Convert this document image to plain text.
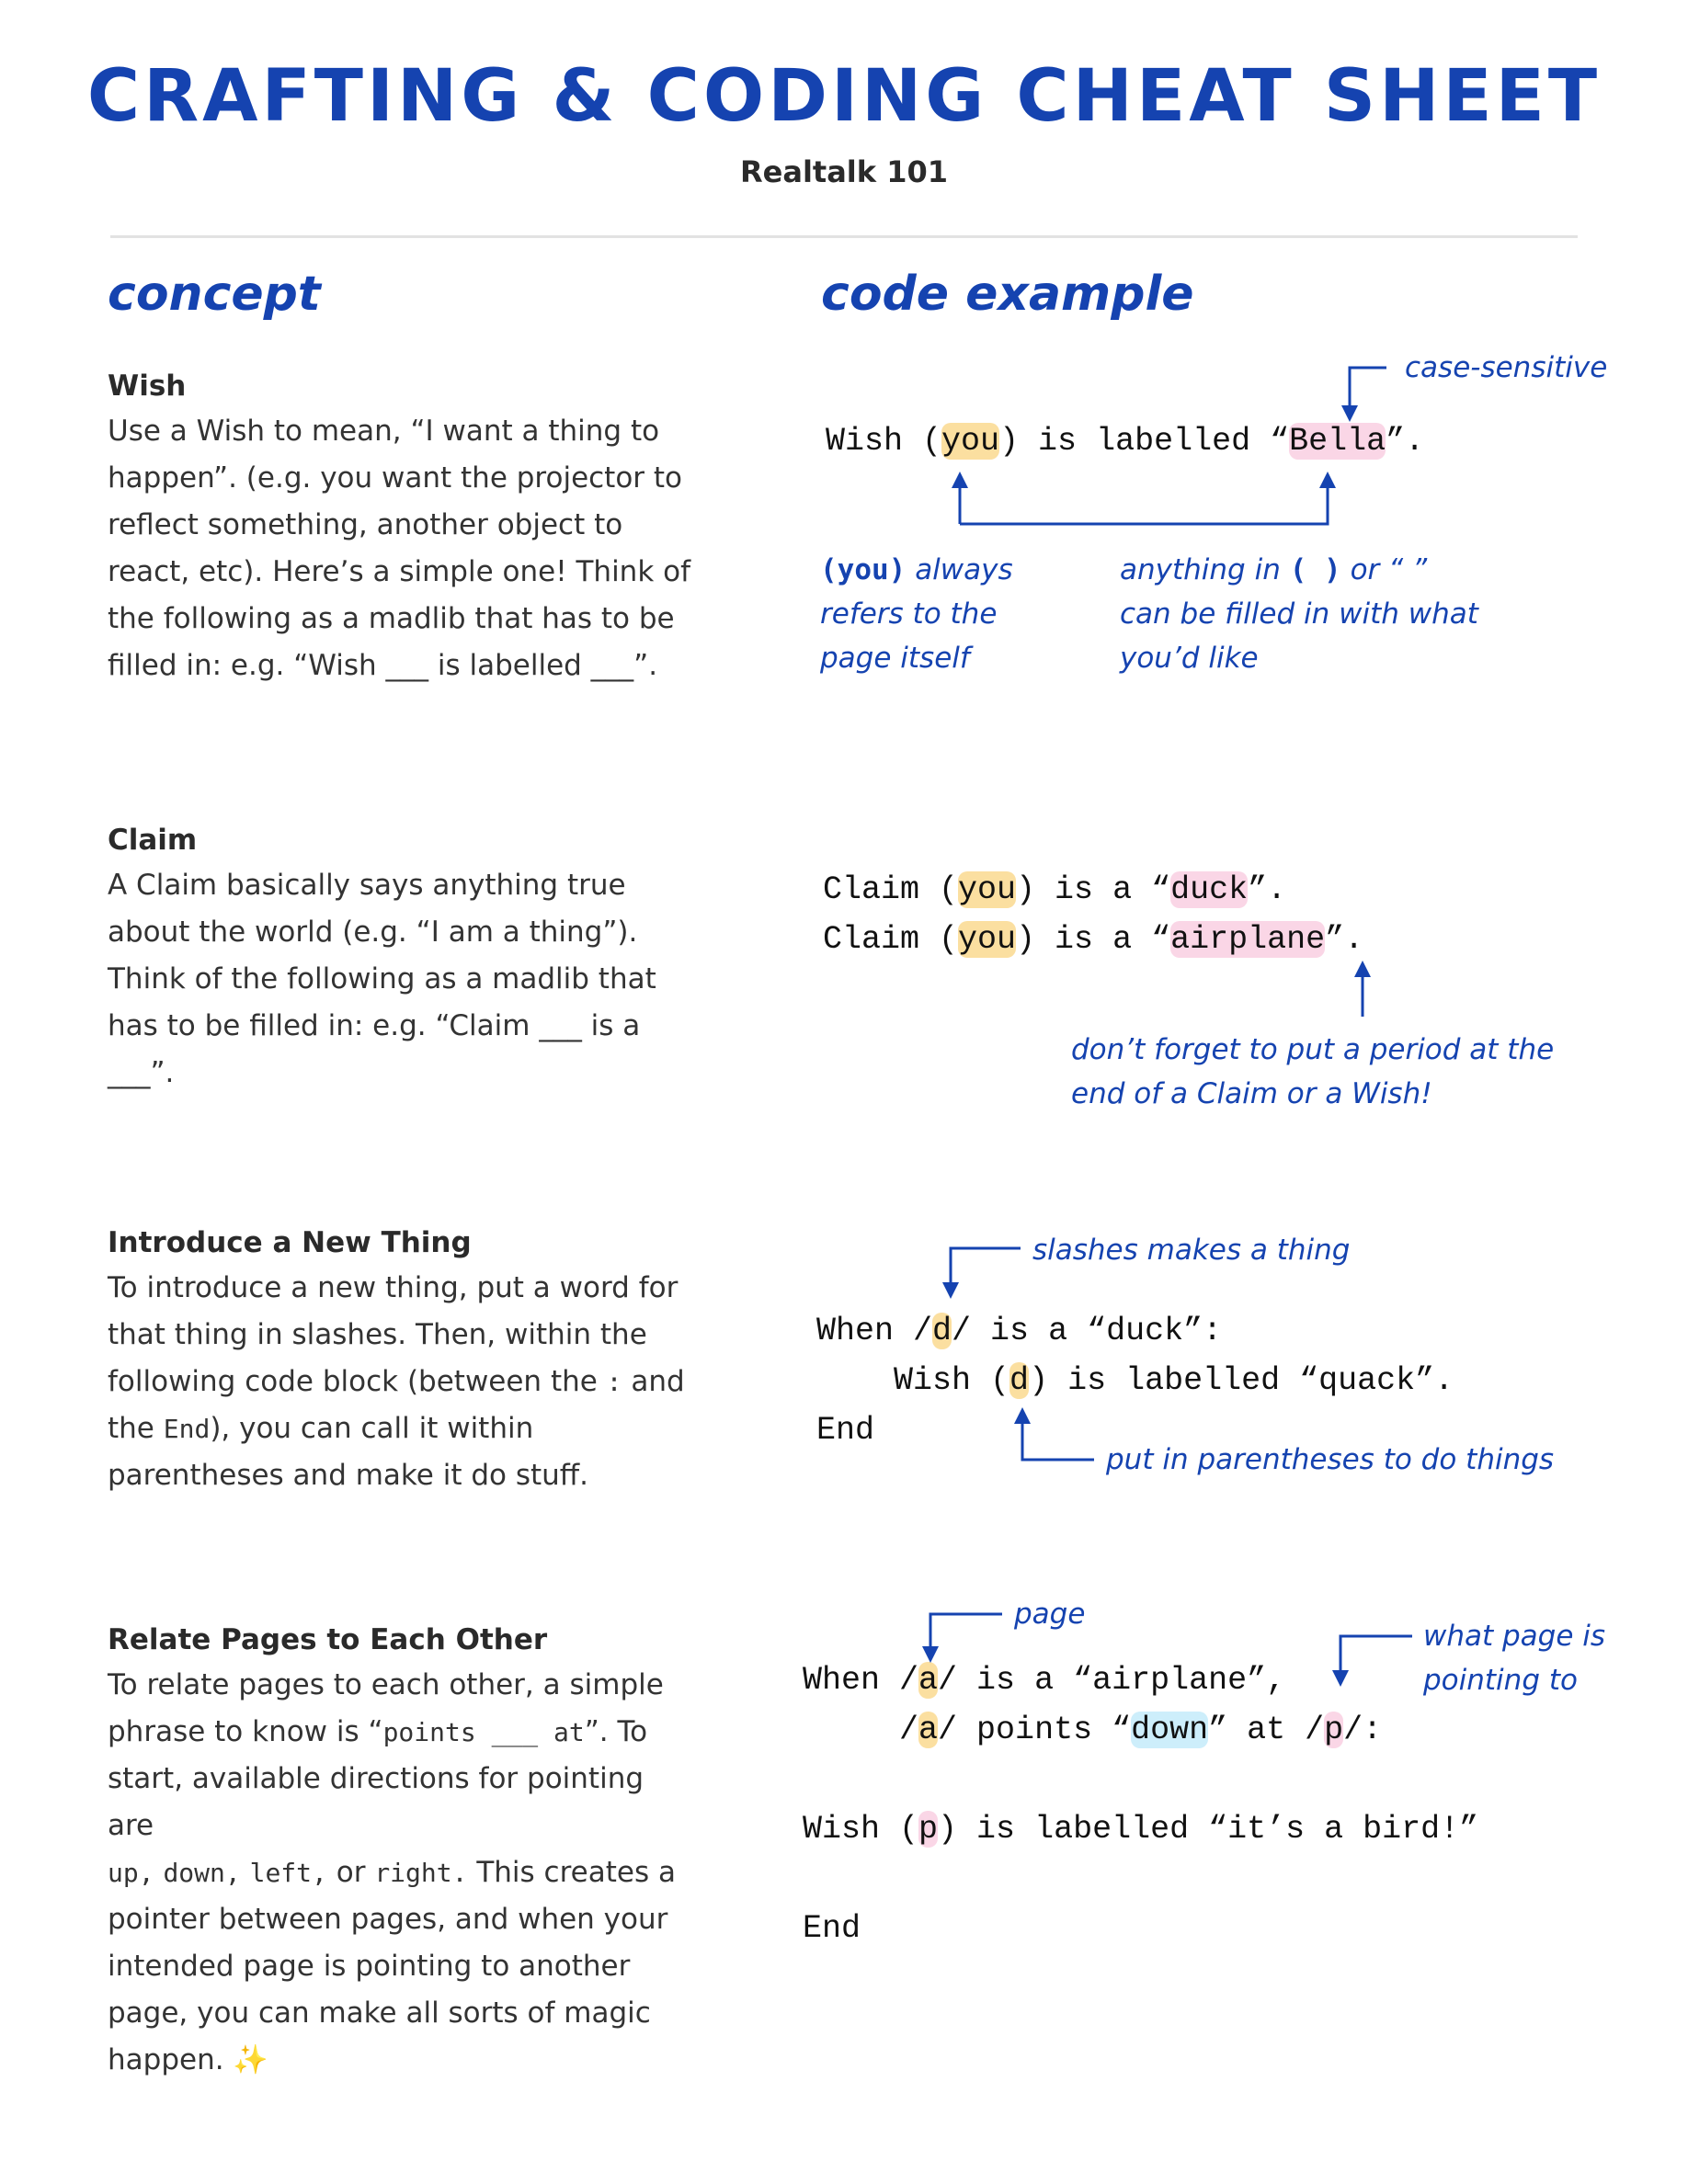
CRAFTING & CODING CHEAT SHEET
Realtalk 101
concept	code example
Wish
Use a Wish to mean, “I want a thing to happen”. (e.g. you want the projector to reflect something, another object to react, etc). Here’s a simple one! Think of the following as a madlib that has to be filled in: e.g. “Wish ___ is labelled ___”.
Wish (you) is labelled “Bella”.
case-sensitive
(you) always
refers to the
page itself
anything in ( ) or “ ”
can be filled in with what
you’d like
Claim
A Claim basically says anything true about the world (e.g. “I am a thing”). Think of the following as a madlib that has to be filled in: e.g. “Claim ___ is a ___”.
Claim (you) is a “duck”.
Claim (you) is a “airplane”.
don’t forget to put a period at the
end of a Claim or a Wish!
Introduce a New Thing
To introduce a new thing, put a word for that thing in slashes. Then, within the following code block (between the : and the End), you can call it within parentheses and make it do stuff.
When /d/ is a “duck”:
Wish (d) is labelled “quack”.
End
slashes makes a thing
put in parentheses to do things
Relate Pages to Each Other
To relate pages to each other, a simple phrase to know is “points ___ at”. To start, available directions for pointing are
up, down, left, or right. This creates a pointer between pages, and when your intended page is pointing to another page, you can make all sorts of magic happen. ✨
When /a/ is a “airplane”,
/a/ points “down” at /p/:
Wish (p) is labelled “it’s a bird!”
End
page
what page is
pointing to
